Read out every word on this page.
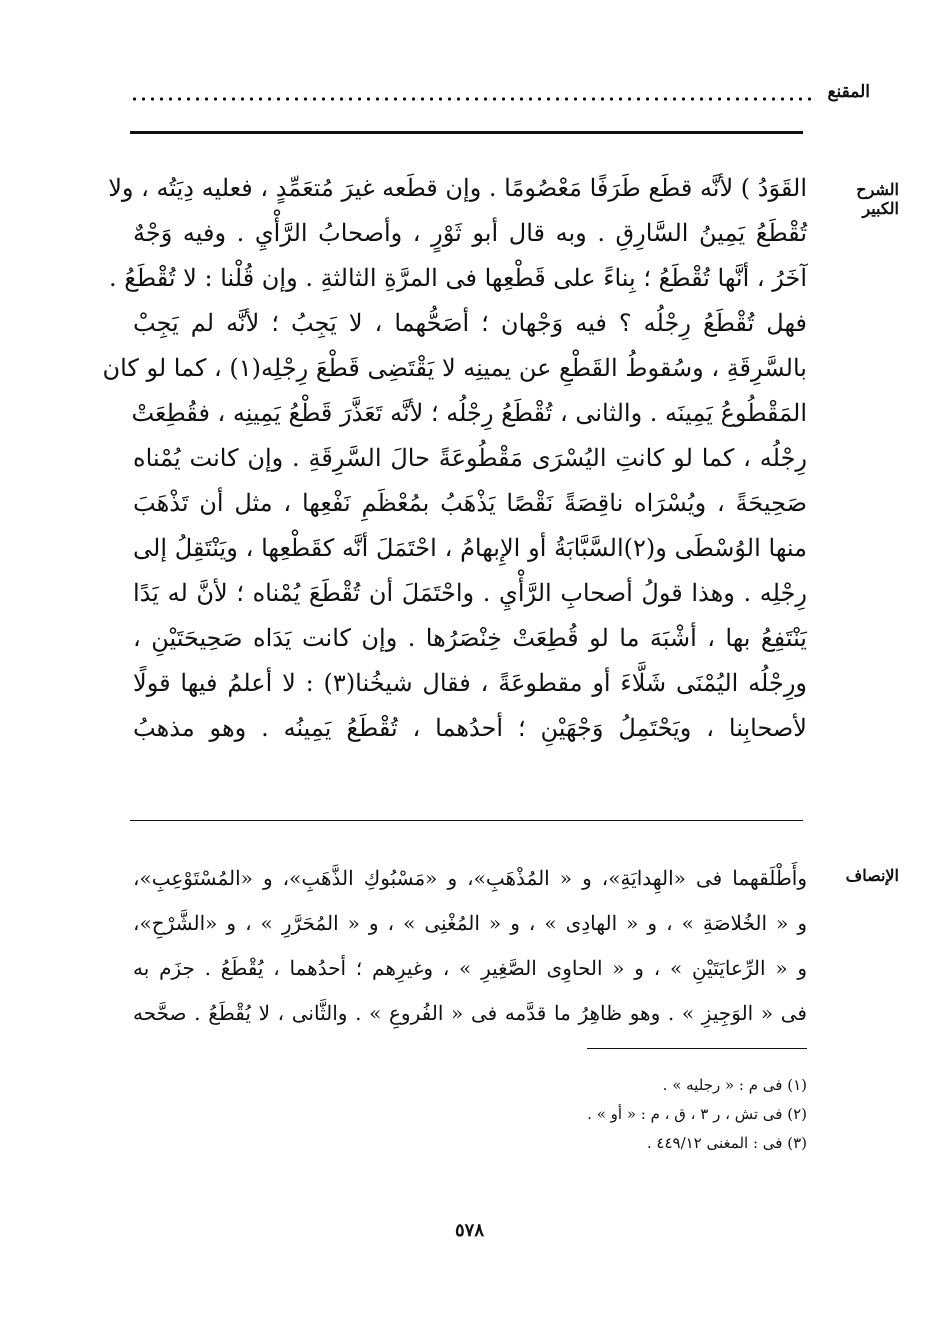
المقنع
الشرح الكبير
القَوَدُ ) لأنَّه قطَع طَرَفًا مَعْصُومًا . وإن قطَعه غيرَ مُتعَمِّدٍ ، فعليه دِيَتُه ، ولا
تُقْطَعُ يَمِينُ السَّارِقِ . وبه قال أبو ثَوْرٍ ، وأصحابُ الرَّأْيِ . وفيه وَجْهٌ
آخَرُ ، أنَّها تُقْطَعُ ؛ بِناءً على قَطْعِها فى المرَّةِ الثالثةِ . وإن قُلْنا : لا تُقْطَعُ .
فهل تُقْطَعُ رِجْلُه ؟ فيه وَجْهان ؛ أصَحُّهما ، لا يَجِبُ ؛ لأنَّه لم يَجِبْ
بالسَّرِقَةِ ، وسُقوطُ القَطْعِ عن يمينِه لا يَقْتَضِى قَطْعَ رِجْلِه(١) ، كما لو كان
المَقْطُوعُ يَمِينَه . والثانى ، تُقْطَعُ رِجْلُه ؛ لأنَّه تَعَذَّرَ قَطْعُ يَمِينِه ، فقُطِعَتْ
رِجْلُه ، كما لو كانتِ اليُسْرَى مَقْطُوعَةً حالَ السَّرِقَةِ . وإن كانت يُمْناه
صَحِيحَةً ، ويُسْرَاه ناقِصَةً نَقْصًا يَذْهَبُ بمُعْظَمِ نَفْعِها ، مثل أن تَذْهَبَ
منها الوُسْطَى و(٢)السَّبَّابَةُ أو الإِبهامُ ، احْتَمَلَ أنَّه كقَطْعِها ، ويَنْتَقِلُ إلى
رِجْلِه . وهذا قولُ أصحابِ الرَّأْيِ . واحْتَمَلَ أن تُقْطَعَ يُمْناه ؛ لأنَّ له يَدًا
يَنْتَفِعُ بها ، أشْبَهَ ما لو قُطِعَتْ خِنْصَرُها . وإن كانت يَدَاه صَحِيحَتَيْنِ ،
ورِجْلُه اليُمْنَى شَلَّاءَ أو مقطوعَةً ، فقال شيخُنا(٣) : لا أعلمُ فيها قولًا
لأصحابِنا ، ويَحْتَمِلُ وَجْهَيْنِ ؛ أحدُهما ، تُقْطَعُ يَمِينُه . وهو مذهبُ
الإنصاف
وأَطْلَقهما فى «الهِدايَةِ»، و « المُذْهَبِ»، و «مَسْبُوكِ الذَّهَبِ»، و «المُسْتَوْعِبِ»،
و « الخُلاصَةِ » ، و « الهادِى » ، و « المُغْنِى » ، و « المُحَرَّرِ » ، و «الشَّرْحِ»،
و « الرِّعايَتَيْنِ » ، و « الحاوِى الصَّغِيرِ » ، وغيرِهم ؛ أحدُهما ، يُقْطَعُ . جزَم به
فى « الوَجِيزِ » . وهو ظاهِرُ ما قدَّمه فى « الفُروعِ » . والثَّانى ، لا يُقْطَعُ . صحَّحه
(١) فى م : « رجليه » .
(٢) فى تش ، ر ٣ ، ق ، م : « أو » .
(٣) فى : المغنى ٤٤٩/١٢ .
٥٧٨
